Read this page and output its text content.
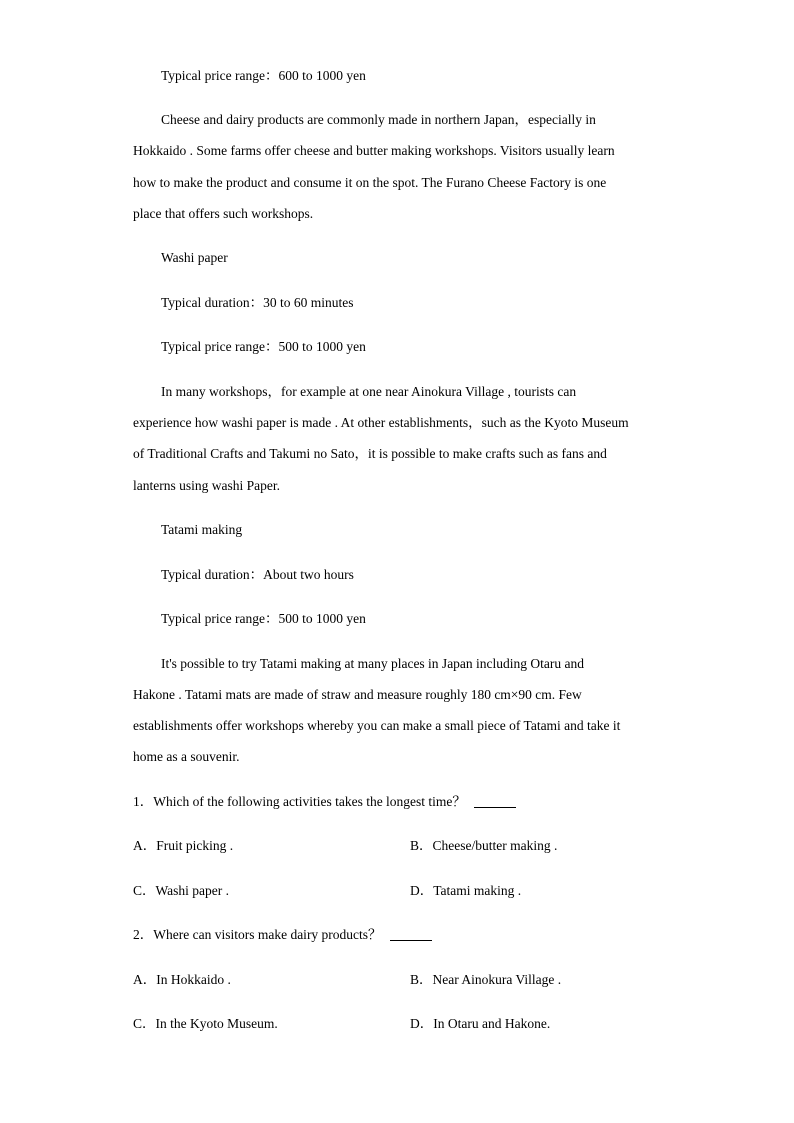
Typical price range：600 to 1000 yen
Cheese and dairy products are commonly made in northern Japan，especially in
Hokkaido . Some farms offer cheese and butter making workshops. Visitors usually learn
how to make the product and consume it on the spot. The Furano Cheese Factory is one
place that offers such workshops.
Washi paper
Typical duration：30 to 60 minutes
Typical price range：500 to 1000 yen
In many workshops，for example at one near Ainokura Village , tourists can
experience how washi paper is made . At other establishments，such as the Kyoto Museum
of Traditional Crafts and Takumi no Sato，it is possible to make crafts such as fans and
lanterns using washi Paper.
Tatami making
Typical duration：About two hours
Typical price range：500 to 1000 yen
It's possible to try Tatami making at many places in Japan including Otaru and
Hakone . Tatami mats are made of straw and measure roughly 180 cm×90 cm. Few
establishments offer workshops whereby you can make a small piece of Tatami and take it
home as a souvenir.
1．Which of the following activities takes the longest time？
A．Fruit picking .	B．Cheese/butter making .
C．Washi paper .	D．Tatami making .
2．Where can visitors make dairy products？
A．In Hokkaido .	B．Near Ainokura Village .
C．In the Kyoto Museum.	D．In Otaru and Hakone.
